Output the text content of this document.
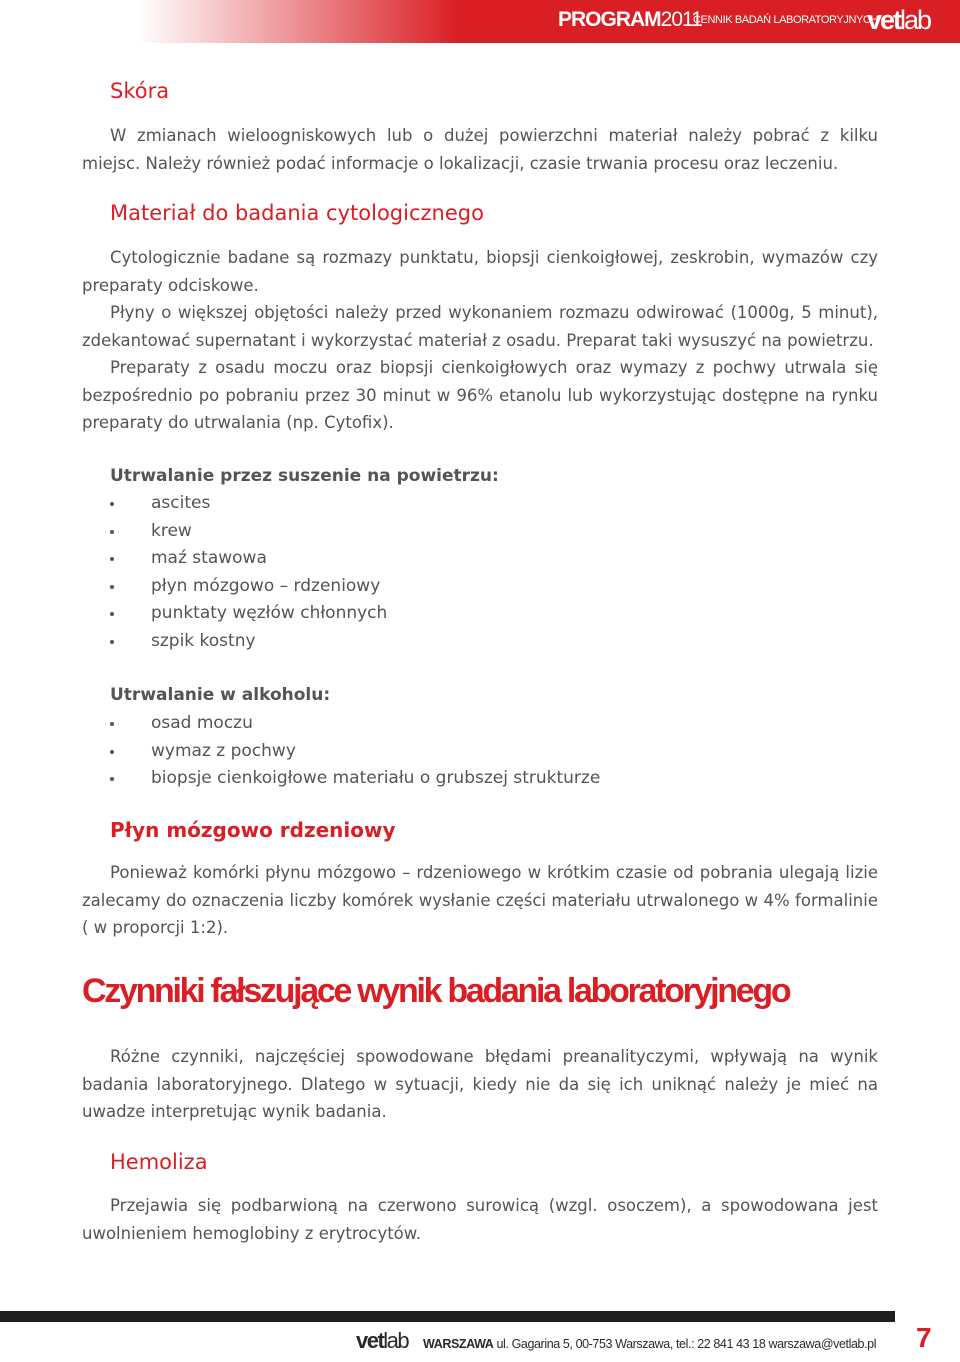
PROGRAM2011
CENNIK BADAŃ LABORATORYJNYCH
vetlab
Skóra

W zmianach wieloogniskowych lub o dużej powierzchni materiał należy pobrać z kilku miejsc. Należy również podać informacje o lokalizacji, czasie trwania procesu oraz leczeniu.

Materiał do badania cytologicznego

Cytologicznie badane są rozmazy punktatu, biopsji cienkoigłowej, zeskrobin, wymazów czy preparaty odciskowe.

Płyny o większej objętości należy przed wykonaniem rozmazu odwirować (1000g, 5 minut), zdekantować supernatant i wykorzystać materiał z osadu. Preparat taki wysuszyć na powietrzu.

Preparaty z osadu moczu oraz biopsji cienkoigłowych oraz wymazy z pochwy utrwala się bezpośrednio po pobraniu przez 30 minut w 96% etanolu lub wykorzystując dostępne na rynku preparaty do utrwalania (np. Cytofix).

Utrwalanie przez suszenie na powietrzu:
ascites
krew
maź stawowa
płyn mózgowo – rdzeniowy
punktaty węzłów chłonnych
szpik kostny
Utrwalanie w alkoholu:
osad moczu
wymaz z pochwy
biopsje cienkoigłowe materiału o grubszej strukturze
Płyn mózgowo rdzeniowy

Ponieważ komórki płynu mózgowo – rdzeniowego w krótkim czasie od pobrania ulegają lizie zalecamy do oznaczenia liczby komórek wysłanie części materiału utrwalonego w 4% formalinie ( w proporcji 1:2).

Czynniki fałszujące wynik badania laboratoryjnego

Różne czynniki, najczęściej spowodowane błędami preanalityczymi, wpływają na wynik badania laboratoryjnego. Dlatego w sytuacji, kiedy nie da się ich uniknąć należy je mieć na uwadze interpretując wynik badania.

Hemoliza

Przejawia się podbarwioną na czerwono surowicą (wzgl. osoczem), a spowodowana jest uwolnieniem hemoglobiny z erytrocytów.

vetlab WARSZAWA ul. Gagarina 5, 00-753 Warszawa, tel.: 22 841 43 18 warszawa@vetlab.pl 7
